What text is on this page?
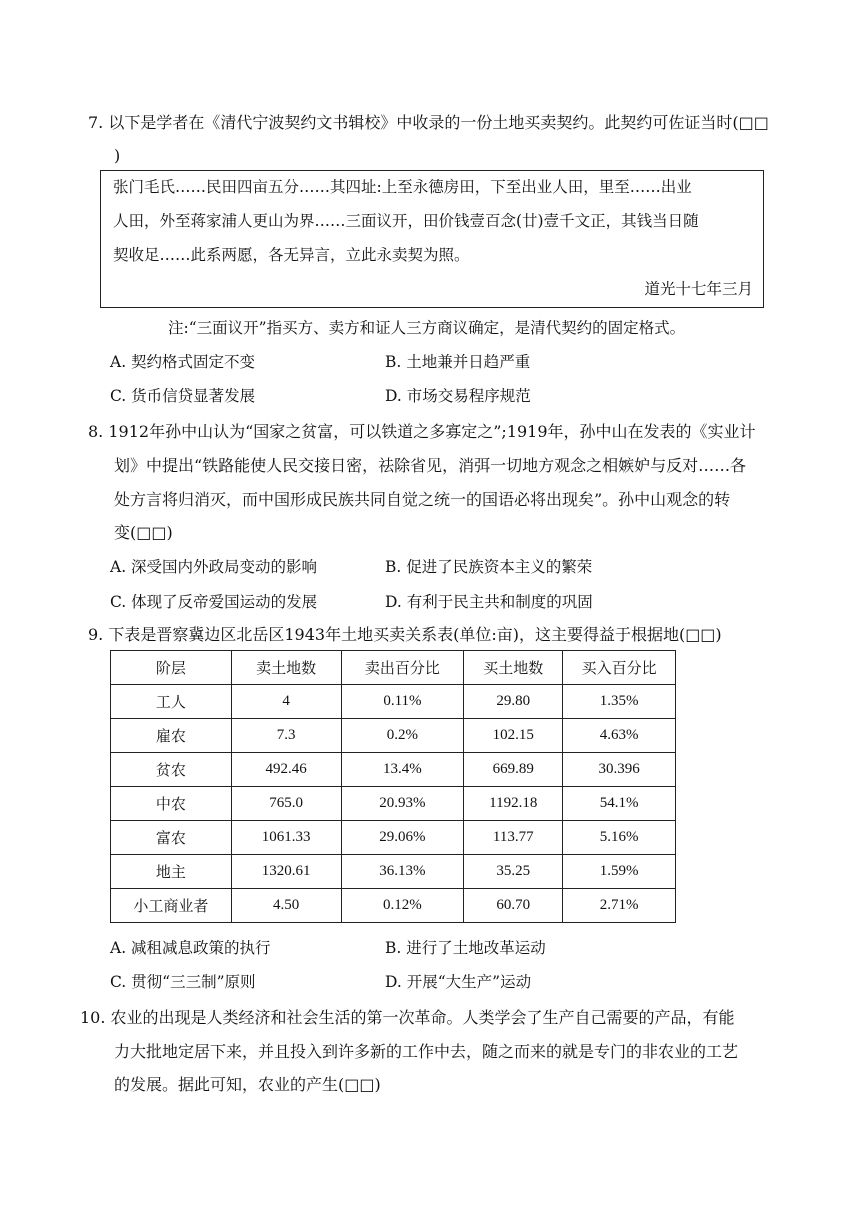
7. 以下是学者在《清代宁波契约文书辑校》中收录的一份土地买卖契约。此契约可佐证当时(□□
)
张门毛氏……民田四亩五分……其四址:上至永德房田，下至出业人田，里至……出业
人田，外至蒋家浦人更山为界……三面议开，田价钱壹百念(廿)壹千文正，其钱当日随
契收足……此系两愿，各无异言，立此永卖契为照。
道光十七年三月
注:“三面议开”指买方、卖方和证人三方商议确定，是清代契约的固定格式。
A. 契约格式固定不变	B. 土地兼并日趋严重
C. 货币信贷显著发展	D. 市场交易程序规范
8. 1912年孙中山认为“国家之贫富，可以铁道之多寡定之”;1919年，孙中山在发表的《实业计
划》中提出“铁路能使人民交接日密，祛除省见，消弭一切地方观念之相嫉妒与反对……各
处方言将归消灭，而中国形成民族共同自觉之统一的国语必将出现矣”。孙中山观念的转
变(□□)
A. 深受国内外政局变动的影响	B. 促进了民族资本主义的繁荣
C. 体现了反帝爱国运动的发展	D. 有利于民主共和制度的巩固
9. 下表是晋察冀边区北岳区1943年土地买卖关系表(单位:亩)，这主要得益于根据地(□□)
阶层	卖土地数	卖出百分比	买土地数	买入百分比
工人	4	0.11%	29.80	1.35%
雇农	7.3	0.2%	102.15	4.63%
贫农	492.46	13.4%	669.89	30.396
中农	765.0	20.93%	1192.18	54.1%
富农	1061.33	29.06%	113.77	5.16%
地主	1320.61	36.13%	35.25	1.59%
小工商业者	4.50	0.12%	60.70	2.71%
A. 减租减息政策的执行	B. 进行了土地改革运动
C. 贯彻“三三制”原则	D. 开展“大生产”运动
10. 农业的出现是人类经济和社会生活的第一次革命。人类学会了生产自己需要的产品，有能
力大批地定居下来，并且投入到许多新的工作中去，随之而来的就是专门的非农业的工艺
的发展。据此可知，农业的产生(□□)
